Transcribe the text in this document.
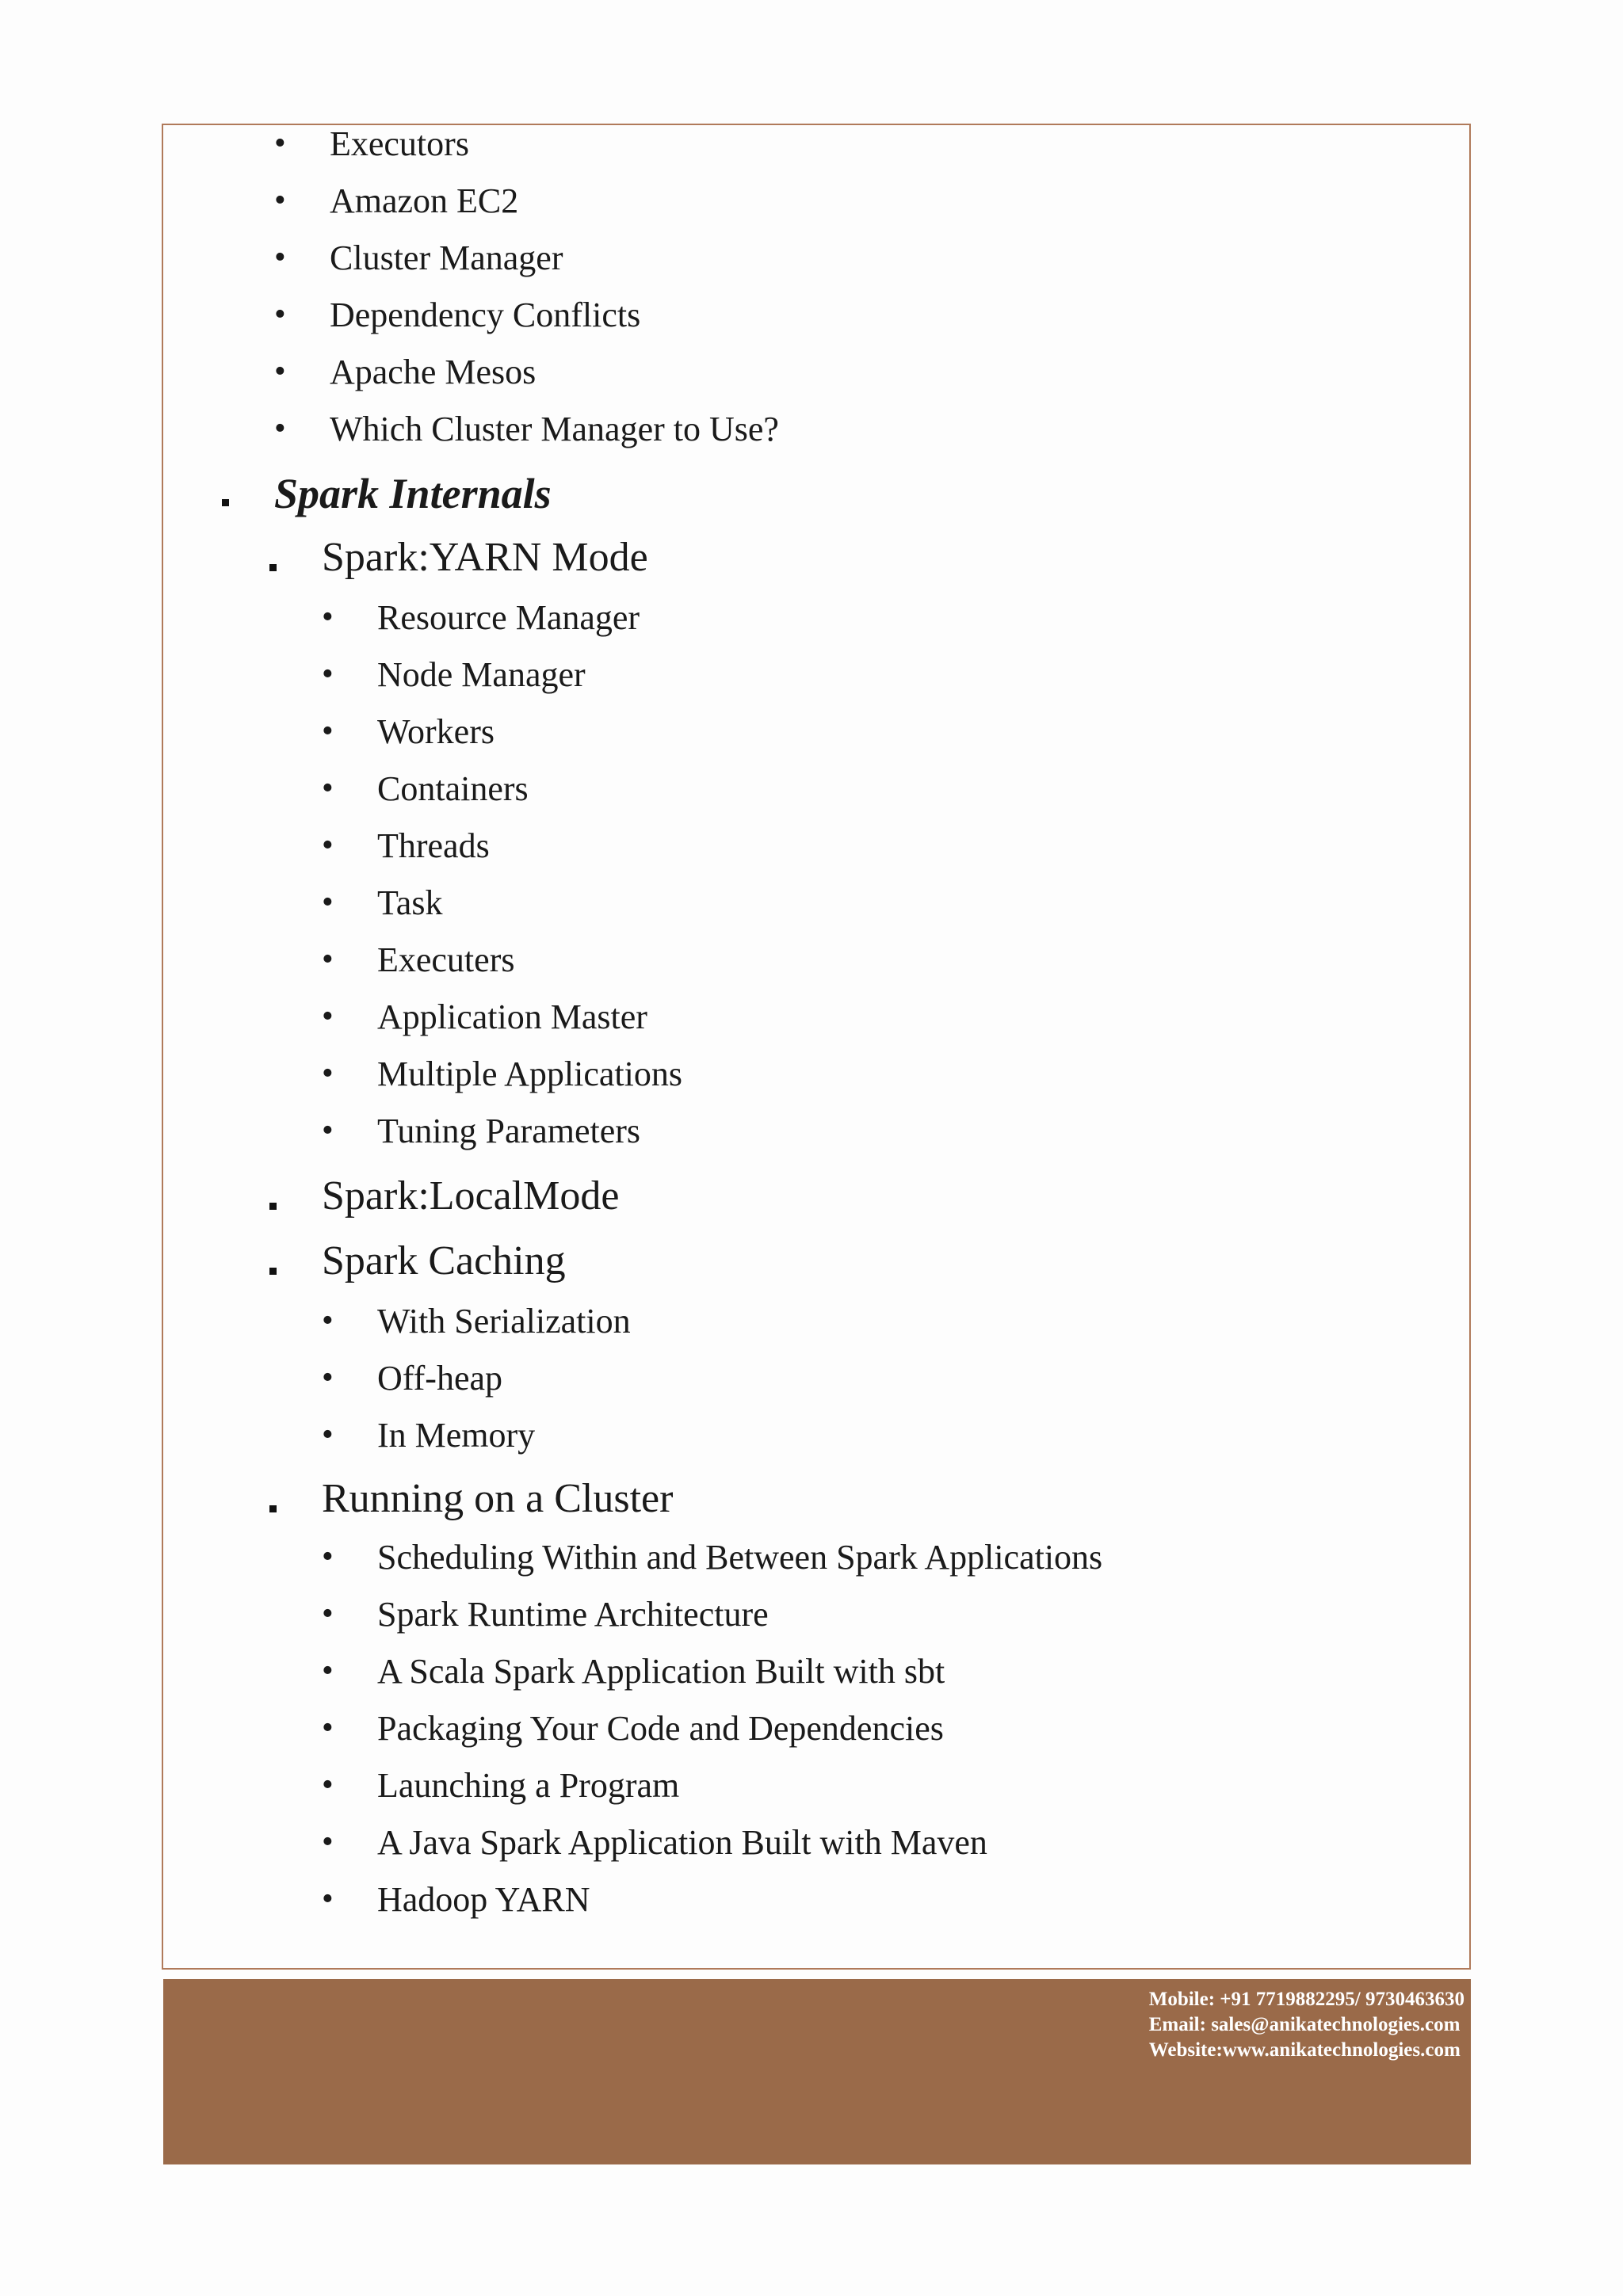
• Executors
• Amazon EC2
• Cluster Manager
• Dependency Conflicts
• Apache Mesos
• Which Cluster Manager to Use?
Spark Internals
Spark:YARN Mode
• Resource Manager
• Node Manager
• Workers
• Containers
• Threads
• Task
• Executers
• Application Master
• Multiple Applications
• Tuning Parameters
Spark:LocalMode
Spark Caching
• With Serialization
• Off-heap
• In Memory
Running on a Cluster
• Scheduling Within and Between Spark Applications
• Spark Runtime Architecture
• A Scala Spark Application Built with sbt
• Packaging Your Code and Dependencies
• Launching a Program
• A Java Spark Application Built with Maven
• Hadoop YARN
Mobile: +91 7719882295/ 9730463630
Email: sales@anikatechnologies.com
Website:www.anikatechnologies.com
